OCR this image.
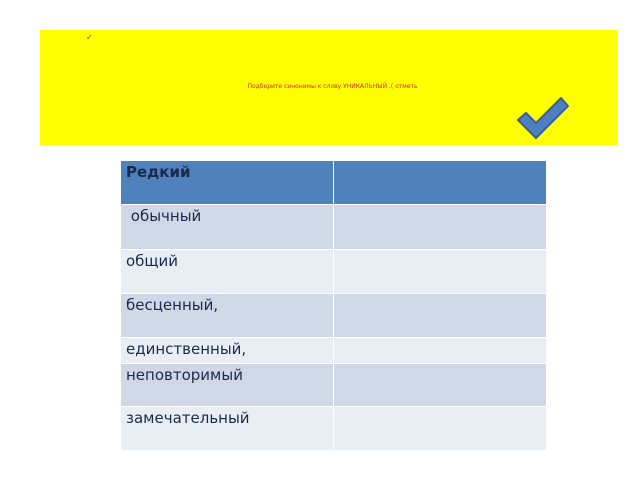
✓
Подберите синонимы к слову УНИКАЛЬНЫЙ .( отметь
Редкий	
обычный	
общий	
бесценный,	
единственный,	
неповторимый	
замечательный	
